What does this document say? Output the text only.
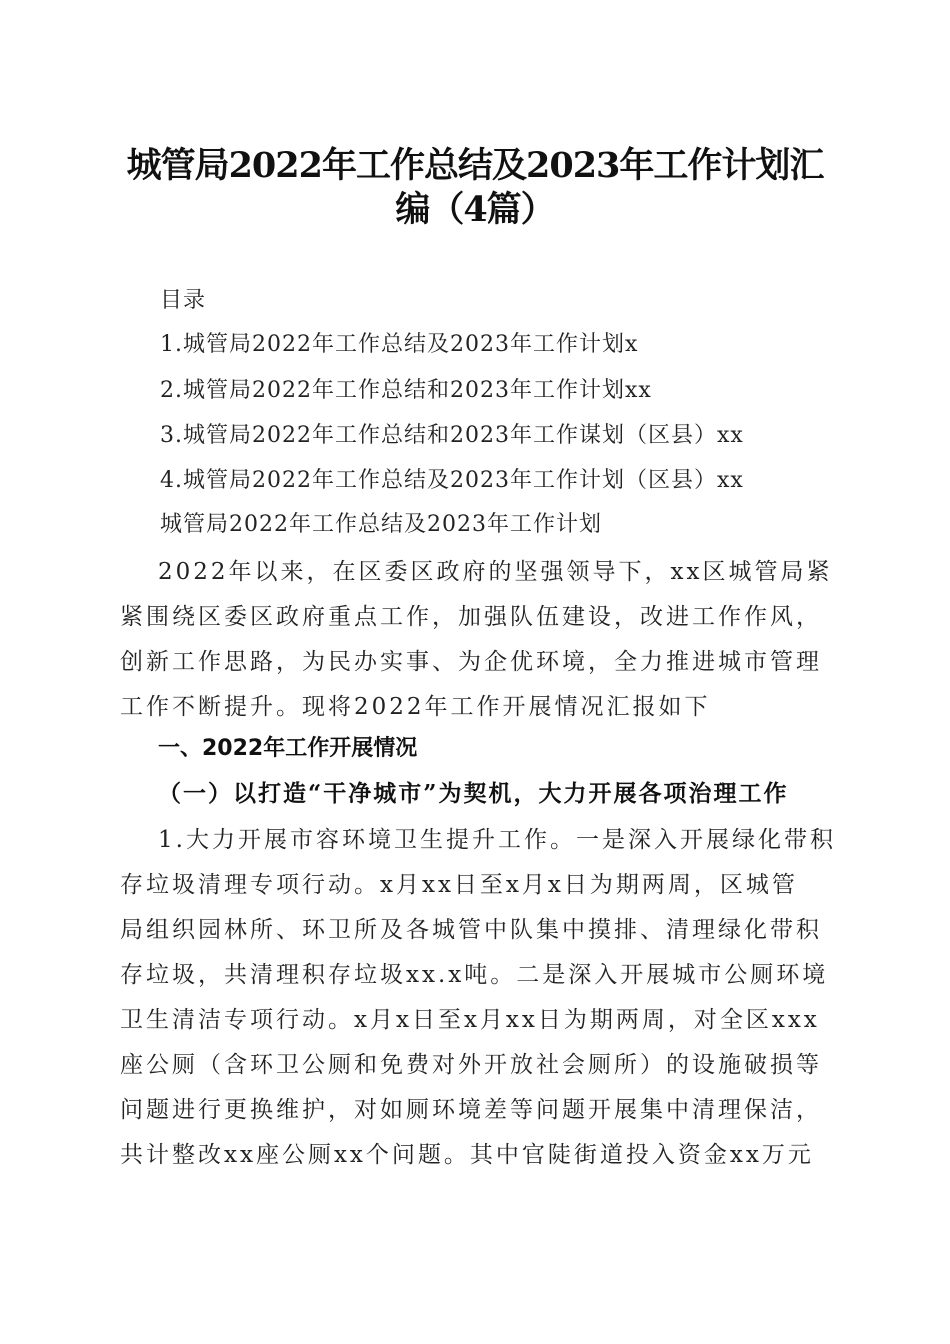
城管局2022年工作总结及2023年工作计划汇
编（4篇）
目录
1.城管局2022年工作总结及2023年工作计划x
2.城管局2022年工作总结和2023年工作计划xx
3.城管局2022年工作总结和2023年工作谋划（区县）xx
4.城管局2022年工作总结及2023年工作计划（区县）xx
城管局2022年工作总结及2023年工作计划
2022年以来，在区委区政府的坚强领导下，xx区城管局紧
紧围绕区委区政府重点工作，加强队伍建设，改进工作作风，
创新工作思路，为民办实事、为企优环境，全力推进城市管理
工作不断提升。现将2022年工作开展情况汇报如下
一、2022年工作开展情况
（一）以打造“干净城市”为契机，大力开展各项治理工作
1.大力开展市容环境卫生提升工作。一是深入开展绿化带积
存垃圾清理专项行动。x月xx日至x月x日为期两周，区城管
局组织园林所、环卫所及各城管中队集中摸排、清理绿化带积
存垃圾，共清理积存垃圾xx.x吨。二是深入开展城市公厕环境
卫生清洁专项行动。x月x日至x月xx日为期两周，对全区xxx
座公厕（含环卫公厕和免费对外开放社会厕所）的设施破损等
问题进行更换维护，对如厕环境差等问题开展集中清理保洁，
共计整改xx座公厕xx个问题。其中官陡街道投入资金xx万元
